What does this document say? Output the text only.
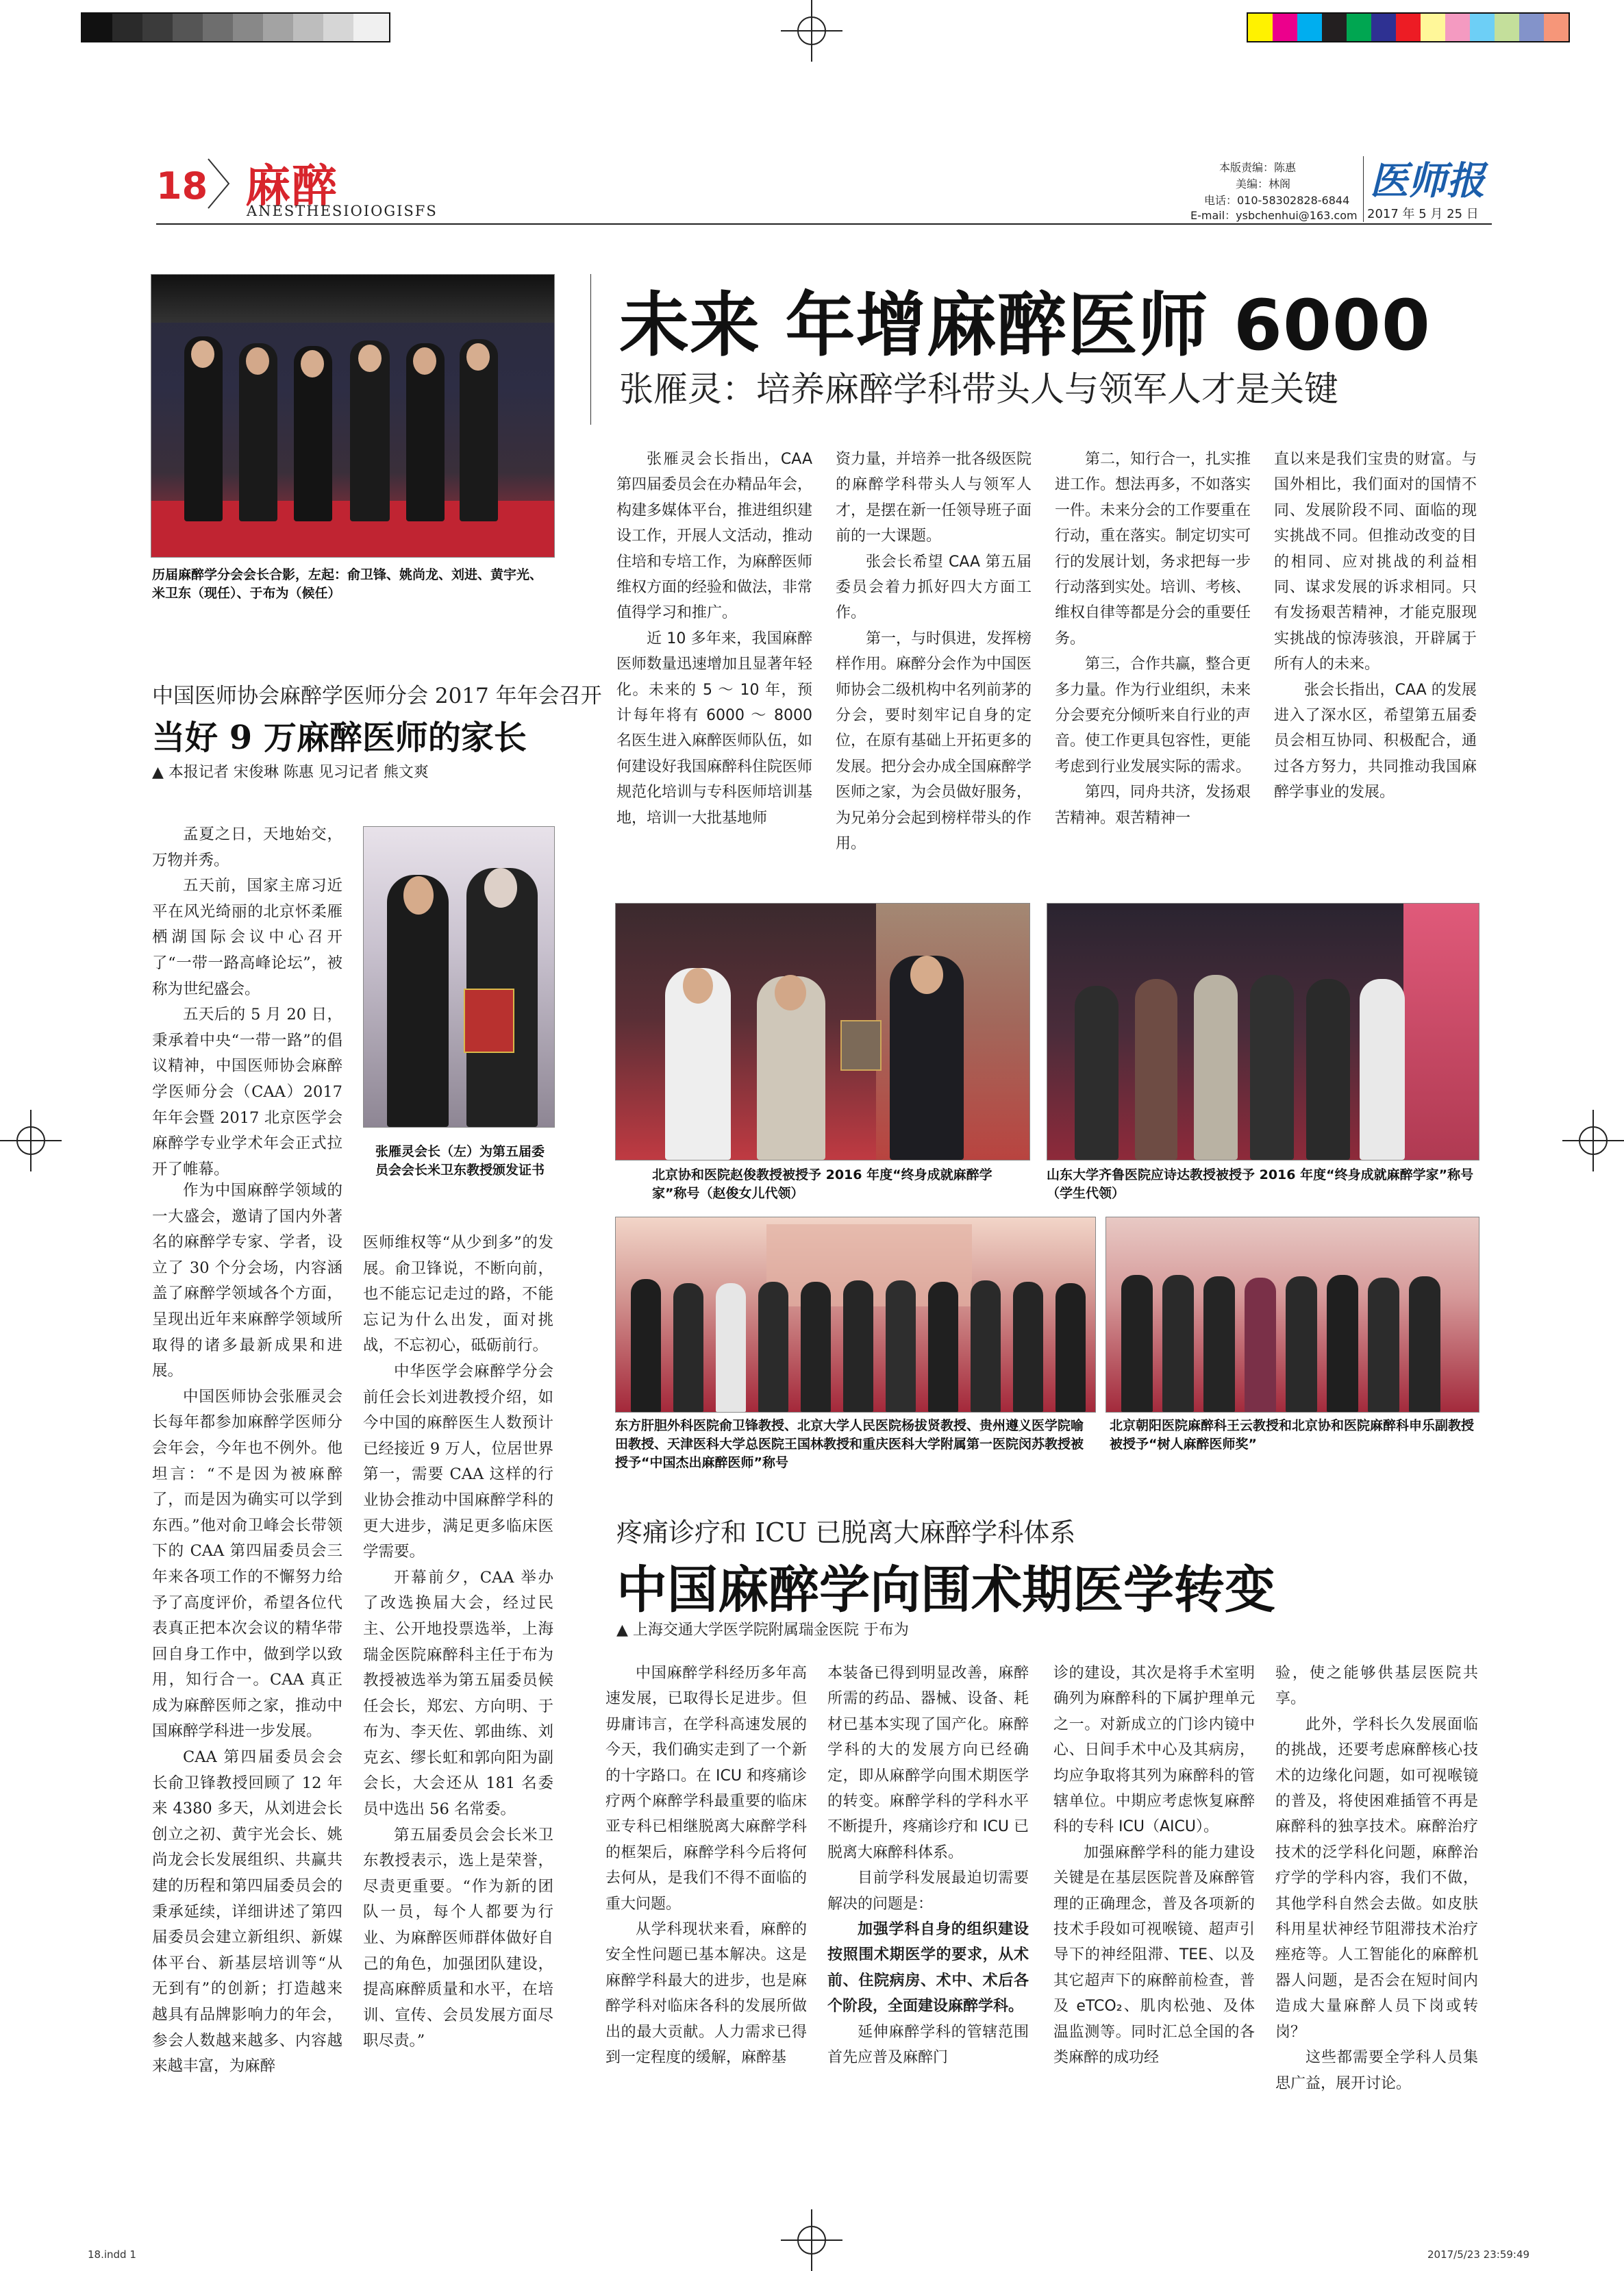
18 麻醉
ANESTHESIOIOGISFS
本版责编：陈惠
美编：林阁
电话：010-58302828-6844
E-mail：ysbchenhui@163.com
医师报
2017 年 5 月 25 日
历届麻醉学分会会长合影，左起：俞卫锋、姚尚龙、刘进、黄宇光、米卫东（现任）、于布为（候任）
未来 年增麻醉医师 6000
张雁灵：培养麻醉学科带头人与领军人才是关键

张雁灵会长指出，CAA 第四届委员会在办精品年会，构建多媒体平台，推进组织建设工作，开展人文活动，推动住培和专培工作，为麻醉医师维权方面的经验和做法，非常值得学习和推广。

近 10 多年来，我国麻醉医师数量迅速增加且显著年轻化。未来的 5 ～ 10 年，预计每年将有 6000 ～ 8000 名医生进入麻醉医师队伍，如何建设好我国麻醉科住院医师规范化培训与专科医师培训基地，培训一大批基地师

资力量，并培养一批各级医院的麻醉学科带头人与领军人才，是摆在新一任领导班子面前的一大课题。

张会长希望 CAA 第五届委员会着力抓好四大方面工作。

第一，与时俱进，发挥榜样作用。麻醉分会作为中国医师协会二级机构中名列前茅的分会，要时刻牢记自身的定位，在原有基础上开拓更多的发展。把分会办成全国麻醉学医师之家，为会员做好服务，为兄弟分会起到榜样带头的作用。

第二，知行合一，扎实推进工作。想法再多，不如落实一件。未来分会的工作要重在行动，重在落实。制定切实可行的发展计划，务求把每一步行动落到实处。培训、考核、维权自律等都是分会的重要任务。

第三，合作共赢，整合更多力量。作为行业组织，未来分会要充分倾听来自行业的声音。使工作更具包容性，更能考虑到行业发展实际的需求。

第四，同舟共济，发扬艰苦精神。艰苦精神一

直以来是我们宝贵的财富。与国外相比，我们面对的国情不同、发展阶段不同、面临的现实挑战不同。但推动改变的目的相同、应对挑战的利益相同、谋求发展的诉求相同。只有发扬艰苦精神，才能克服现实挑战的惊涛骇浪，开辟属于所有人的未来。

张会长指出，CAA 的发展进入了深水区，希望第五届委员会相互协同、积极配合，通过各方努力，共同推动我国麻醉学事业的发展。

中国医师协会麻醉学医师分会 2017 年年会召开
当好 9 万麻醉医师的家长
▲ 本报记者 宋俊琳 陈惠 见习记者 熊文爽

孟夏之日，天地始交，万物并秀。

五天前，国家主席习近平在风光绮丽的北京怀柔雁栖湖国际会议中心召开了“一带一路高峰论坛”，被称为世纪盛会。

五天后的 5 月 20 日，秉承着中央“一带一路”的倡议精神，中国医师协会麻醉学医师分会（CAA）2017 年年会暨 2017 北京医学会麻醉学专业学术年会正式拉开了帷幕。

张雁灵会长（左）为第五届委员会会长米卫东教授颁发证书

作为中国麻醉学领域的一大盛会，邀请了国内外著名的麻醉学专家、学者，设立了 30 个分会场，内容涵盖了麻醉学领域各个方面，呈现出近年来麻醉学领域所取得的诸多最新成果和进展。

中国医师协会张雁灵会长每年都参加麻醉学医师分会年会，今年也不例外。他坦言：“不是因为被麻醉了，而是因为确实可以学到东西。”他对俞卫峰会长带领下的 CAA 第四届委员会三年来各项工作的不懈努力给予了高度评价，希望各位代表真正把本次会议的精华带回自身工作中，做到学以致用，知行合一。CAA 真正成为麻醉医师之家，推动中国麻醉学科进一步发展。

CAA 第四届委员会会长俞卫锋教授回顾了 12 年来 4380 多天，从刘进会长创立之初、黄宇光会长、姚尚龙会长发展组织、共赢共建的历程和第四届委员会的秉承延续，详细讲述了第四届委员会建立新组织、新媒体平台、新基层培训等“从无到有”的创新；打造越来越具有品牌影响力的年会，参会人数越来越多、内容越来越丰富，为麻醉

医师维权等“从少到多”的发展。俞卫锋说，不断向前，也不能忘记走过的路，不能忘记为什么出发，面对挑战，不忘初心，砥砺前行。

中华医学会麻醉学分会前任会长刘进教授介绍，如今中国的麻醉医生人数预计已经接近 9 万人，位居世界第一，需要 CAA 这样的行业协会推动中国麻醉学科的更大进步，满足更多临床医学需要。

开幕前夕，CAA 举办了改选换届大会，经过民主、公开地投票选举，上海瑞金医院麻醉科主任于布为教授被选举为第五届委员候任会长，郑宏、方向明、于布为、李天佐、郭曲练、刘克玄、缪长虹和郭向阳为副会长，大会还从 181 名委员中选出 56 名常委。

第五届委员会会长米卫东教授表示，选上是荣誉，尽责更重要。“作为新的团队一员，每个人都要为行业、为麻醉医师群体做好自己的角色，加强团队建设，提高麻醉质量和水平，在培训、宣传、会员发展方面尽职尽责。”

北京协和医院赵俊教授被授予 2016 年度“终身成就麻醉学家”称号（赵俊女儿代领）
山东大学齐鲁医院应诗达教授被授予 2016 年度“终身成就麻醉学家”称号（学生代领）
东方肝胆外科医院俞卫锋教授、北京大学人民医院杨拔贤教授、贵州遵义医学院喻田教授、天津医科大学总医院王国林教授和重庆医科大学附属第一医院闵苏教授被授予“中国杰出麻醉医师”称号
北京朝阳医院麻醉科王云教授和北京协和医院麻醉科申乐副教授被授予“树人麻醉医师奖”
疼痛诊疗和 ICU 已脱离大麻醉学科体系
中国麻醉学向围术期医学转变
▲ 上海交通大学医学院附属瑞金医院 于布为

中国麻醉学科经历多年高速发展，已取得长足进步。但毋庸讳言，在学科高速发展的今天，我们确实走到了一个新的十字路口。在 ICU 和疼痛诊疗两个麻醉学科最重要的临床亚专科已相继脱离大麻醉学科的框架后，麻醉学科今后将何去何从，是我们不得不面临的重大问题。

从学科现状来看，麻醉的安全性问题已基本解决。这是麻醉学科最大的进步，也是麻醉学科对临床各科的发展所做出的最大贡献。人力需求已得到一定程度的缓解，麻醉基

本装备已得到明显改善，麻醉所需的药品、器械、设备、耗材已基本实现了国产化。麻醉学科的大的发展方向已经确定，即从麻醉学向围术期医学的转变。麻醉学科的学科水平不断提升，疼痛诊疗和 ICU 已脱离大麻醉科体系。

目前学科发展最迫切需要解决的问题是：

加强学科自身的组织建设 按照围术期医学的要求，从术前、住院病房、术中、术后各个阶段，全面建设麻醉学科。

延伸麻醉学科的管辖范围 首先应普及麻醉门

诊的建设，其次是将手术室明确列为麻醉科的下属护理单元之一。对新成立的门诊内镜中心、日间手术中心及其病房，均应争取将其列为麻醉科的管辖单位。中期应考虑恢复麻醉科的专科 ICU（AICU）。

加强麻醉学科的能力建设 关键是在基层医院普及麻醉管理的正确理念，普及各项新的技术手段如可视喉镜、超声引导下的神经阻滞、TEE、以及其它超声下的麻醉前检查，普及 eTCO₂、肌肉松弛、及体温监测等。同时汇总全国的各类麻醉的成功经

验，使之能够供基层医院共享。

此外，学科长久发展面临的挑战，还要考虑麻醉核心技术的边缘化问题，如可视喉镜的普及，将使困难插管不再是麻醉科的独享技术。麻醉治疗技术的泛学科化问题，麻醉治疗学的学科内容，我们不做，其他学科自然会去做。如皮肤科用星状神经节阻滞技术治疗痤疮等。人工智能化的麻醉机器人问题，是否会在短时间内造成大量麻醉人员下岗或转岗？

这些都需要全学科人员集思广益，展开讨论。

18.indd 1	2017/5/23 23:59:49
